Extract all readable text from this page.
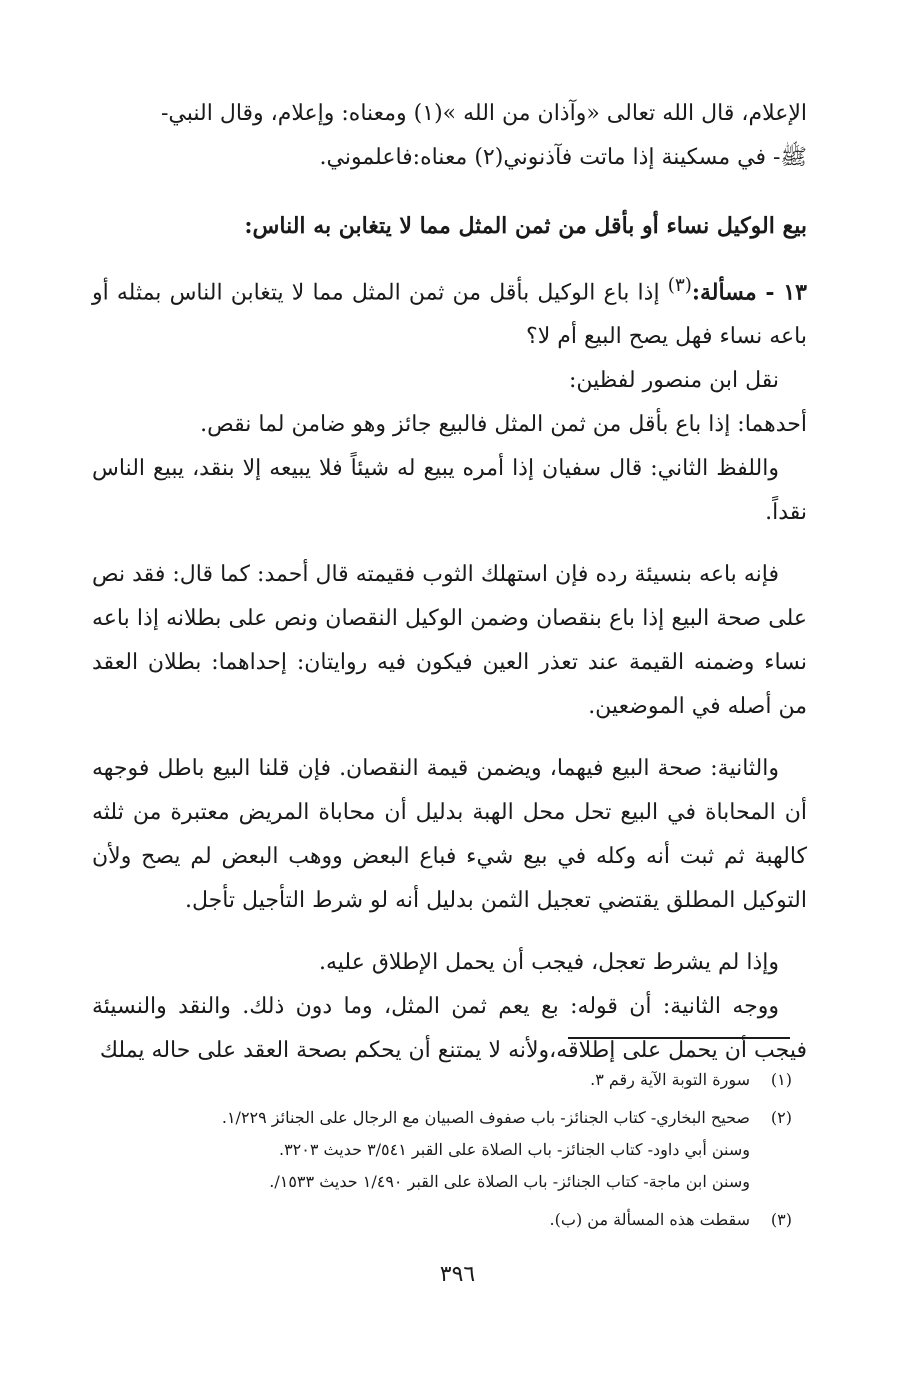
الإعلام، قال الله تعالى «وآذان من الله »(١) ومعناه: وإعلام، وقال النبي-
ﷺ- في مسكينة إذا ماتت فآذنوني(٢) معناه:فاعلموني.

بيع الوكيل نساء أو بأقل من ثمن المثل مما لا يتغابن به الناس:

١٣ - مسألة:$^{(٣)}$ إذا باع الوكيل بأقل من ثمن المثل مما لا يتغابن الناس بمثله أو باعه نساء فهل يصح البيع أم لا؟

نقل ابن منصور لفظين:

أحدهما: إذا باع بأقل من ثمن المثل فالبيع جائز وهو ضامن لما نقص.

واللفظ الثاني: قال سفيان إذا أمره يبيع له شيئاً فلا يبيعه إلا بنقد، يبيع الناس نقداً.

فإنه باعه بنسيئة رده فإن استهلك الثوب فقيمته قال أحمد: كما قال: فقد نص على صحة البيع إذا باع بنقصان وضمن الوكيل النقصان ونص على بطلانه إذا باعه نساء وضمنه القيمة عند تعذر العين فيكون فيه روايتان: إحداهما: بطلان العقد من أصله في الموضعين.

والثانية: صحة البيع فيهما، ويضمن قيمة النقصان. فإن قلنا البيع باطل فوجهه أن المحاباة في البيع تحل محل الهبة بدليل أن محاباة المريض معتبرة من ثلثه كالهبة ثم ثبت أنه وكله في بيع شيء فباع البعض ووهب البعض لم يصح ولأن التوكيل المطلق يقتضي تعجيل الثمن بدليل أنه لو شرط التأجيل تأجل.

وإذا لم يشرط تعجل، فيجب أن يحمل الإطلاق عليه.

ووجه الثانية: أن قوله: بع يعم ثمن المثل، وما دون ذلك. والنقد والنسيئة فيجب أن يحمل على إطلاقه،ولأنه لا يمتنع أن يحكم بصحة العقد على حاله يملك

(١)
سورة التوبة الآية رقم ٣.
(٢)
صحيح البخاري- كتاب الجنائز- باب صفوف الصبيان مع الرجال على الجنائز ١/٢٢٩.
وسنن أبي داود- كتاب الجنائز- باب الصلاة على القبر ٣/٥٤١ حديث ٣٢٠٣.
وسنن ابن ماجة- كتاب الجنائز- باب الصلاة على القبر ١/٤٩٠ حديث ١٥٣٣/.
(٣)
سقطت هذه المسألة من (ب).
٣٩٦
